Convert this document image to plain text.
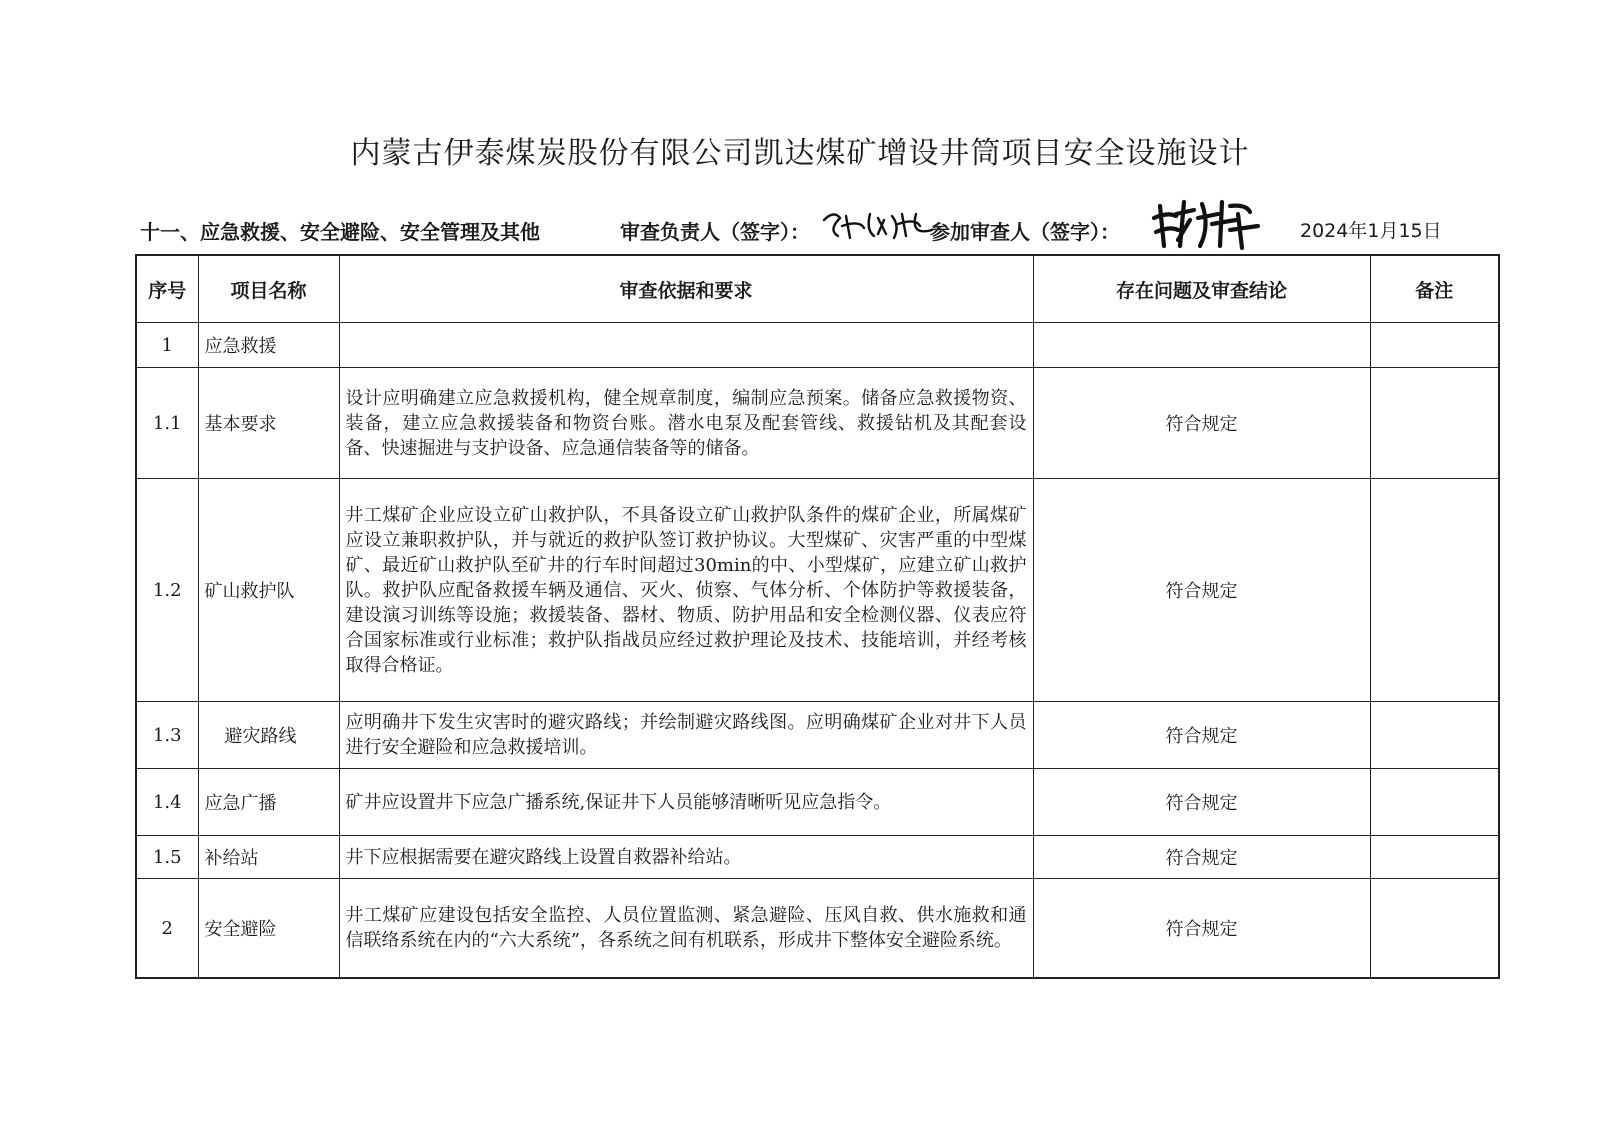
内蒙古伊泰煤炭股份有限公司凯达煤矿增设井筒项目安全设施设计
十一、应急救援、安全避险、安全管理及其他	审查负责人（签字）：	参加审查人（签字）：	2024年1月15日
序号	项目名称	审查依据和要求	存在问题及审查结论	备注
1	应急救援			
1.1	基本要求	设计应明确建立应急救援机构，健全规章制度，编制应急预案。储备应急救援物资、装备，建立应急救援装备和物资台账。潜水电泵及配套管线、救援钻机及其配套设备、快速掘进与支护设备、应急通信装备等的储备。	符合规定	
1.2	矿山救护队	井工煤矿企业应设立矿山救护队，不具备设立矿山救护队条件的煤矿企业，所属煤矿应设立兼职救护队，并与就近的救护队签订救护协议。大型煤矿、灾害严重的中型煤矿、最近矿山救护队至矿井的行车时间超过30min的中、小型煤矿，应建立矿山救护队。救护队应配备救援车辆及通信、灭火、侦察、气体分析、个体防护等救援装备，建设演习训练等设施；救援装备、器材、物质、防护用品和安全检测仪器、仪表应符合国家标准或行业标准；救护队指战员应经过救护理论及技术、技能培训，并经考核取得合格证。	符合规定	
1.3	避灾路线	应明确井下发生灾害时的避灾路线；并绘制避灾路线图。应明确煤矿企业对井下人员进行安全避险和应急救援培训。	符合规定	
1.4	应急广播	矿井应设置井下应急广播系统,保证井下人员能够清晰听见应急指令。	符合规定	
1.5	补给站	井下应根据需要在避灾路线上设置自救器补给站。	符合规定	
2	安全避险	井工煤矿应建设包括安全监控、人员位置监测、紧急避险、压风自救、供水施救和通信联络系统在内的“六大系统”，各系统之间有机联系，形成井下整体安全避险系统。	符合规定	
